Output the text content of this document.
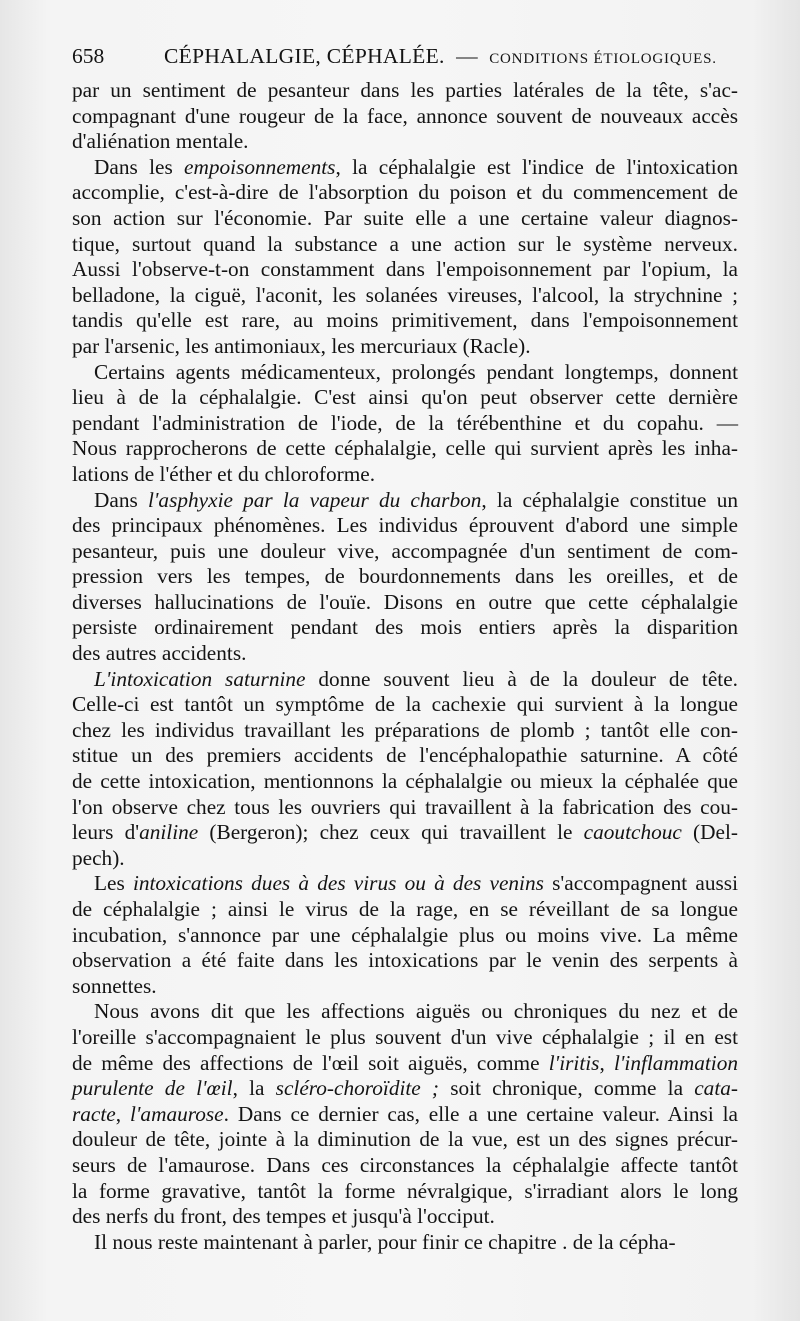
658	CÉPHALALGIE, CÉPHALÉE. — CONDITIONS ÉTIOLOGIQUES.
par un sentiment de pesanteur dans les parties latérales de la tête, s'ac-
compagnant d'une rougeur de la face, annonce souvent de nouveaux accès
d'aliénation mentale.
Dans les empoisonnements, la céphalalgie est l'indice de l'intoxication
accomplie, c'est-à-dire de l'absorption du poison et du commencement de
son action sur l'économie. Par suite elle a une certaine valeur diagnos-
tique, surtout quand la substance a une action sur le système nerveux.
Aussi l'observe-t-on constamment dans l'empoisonnement par l'opium, la
belladone, la ciguë, l'aconit, les solanées vireuses, l'alcool, la strychnine ;
tandis qu'elle est rare, au moins primitivement, dans l'empoisonnement
par l'arsenic, les antimoniaux, les mercuriaux (Racle).
Certains agents médicamenteux, prolongés pendant longtemps, donnent
lieu à de la céphalalgie. C'est ainsi qu'on peut observer cette dernière
pendant l'administration de l'iode, de la térébenthine et du copahu. —
Nous rapprocherons de cette céphalalgie, celle qui survient après les inha-
lations de l'éther et du chloroforme.
Dans l'asphyxie par la vapeur du charbon, la céphalalgie constitue un
des principaux phénomènes. Les individus éprouvent d'abord une simple
pesanteur, puis une douleur vive, accompagnée d'un sentiment de com-
pression vers les tempes, de bourdonnements dans les oreilles, et de
diverses hallucinations de l'ouïe. Disons en outre que cette céphalalgie
persiste ordinairement pendant des mois entiers après la disparition
des autres accidents.
L'intoxication saturnine donne souvent lieu à de la douleur de tête.
Celle-ci est tantôt un symptôme de la cachexie qui survient à la longue
chez les individus travaillant les préparations de plomb ; tantôt elle con-
stitue un des premiers accidents de l'encéphalopathie saturnine. A côté
de cette intoxication, mentionnons la céphalalgie ou mieux la céphalée que
l'on observe chez tous les ouvriers qui travaillent à la fabrication des cou-
leurs d'aniline (Bergeron); chez ceux qui travaillent le caoutchouc (Del-
pech).
Les intoxications dues à des virus ou à des venins s'accompagnent aussi
de céphalalgie ; ainsi le virus de la rage, en se réveillant de sa longue
incubation, s'annonce par une céphalalgie plus ou moins vive. La même
observation a été faite dans les intoxications par le venin des serpents à
sonnettes.
Nous avons dit que les affections aiguës ou chroniques du nez et de
l'oreille s'accompagnaient le plus souvent d'un vive céphalalgie ; il en est
de même des affections de l'œil soit aiguës, comme l'iritis, l'inflammation
purulente de l'œil, la scléro-choroïdite ; soit chronique, comme la cata-
racte, l'amaurose. Dans ce dernier cas, elle a une certaine valeur. Ainsi la
douleur de tête, jointe à la diminution de la vue, est un des signes précur-
seurs de l'amaurose. Dans ces circonstances la céphalalgie affecte tantôt
la forme gravative, tantôt la forme névralgique, s'irradiant alors le long
des nerfs du front, des tempes et jusqu'à l'occiput.
Il nous reste maintenant à parler, pour finir ce chapitre . de la cépha-
